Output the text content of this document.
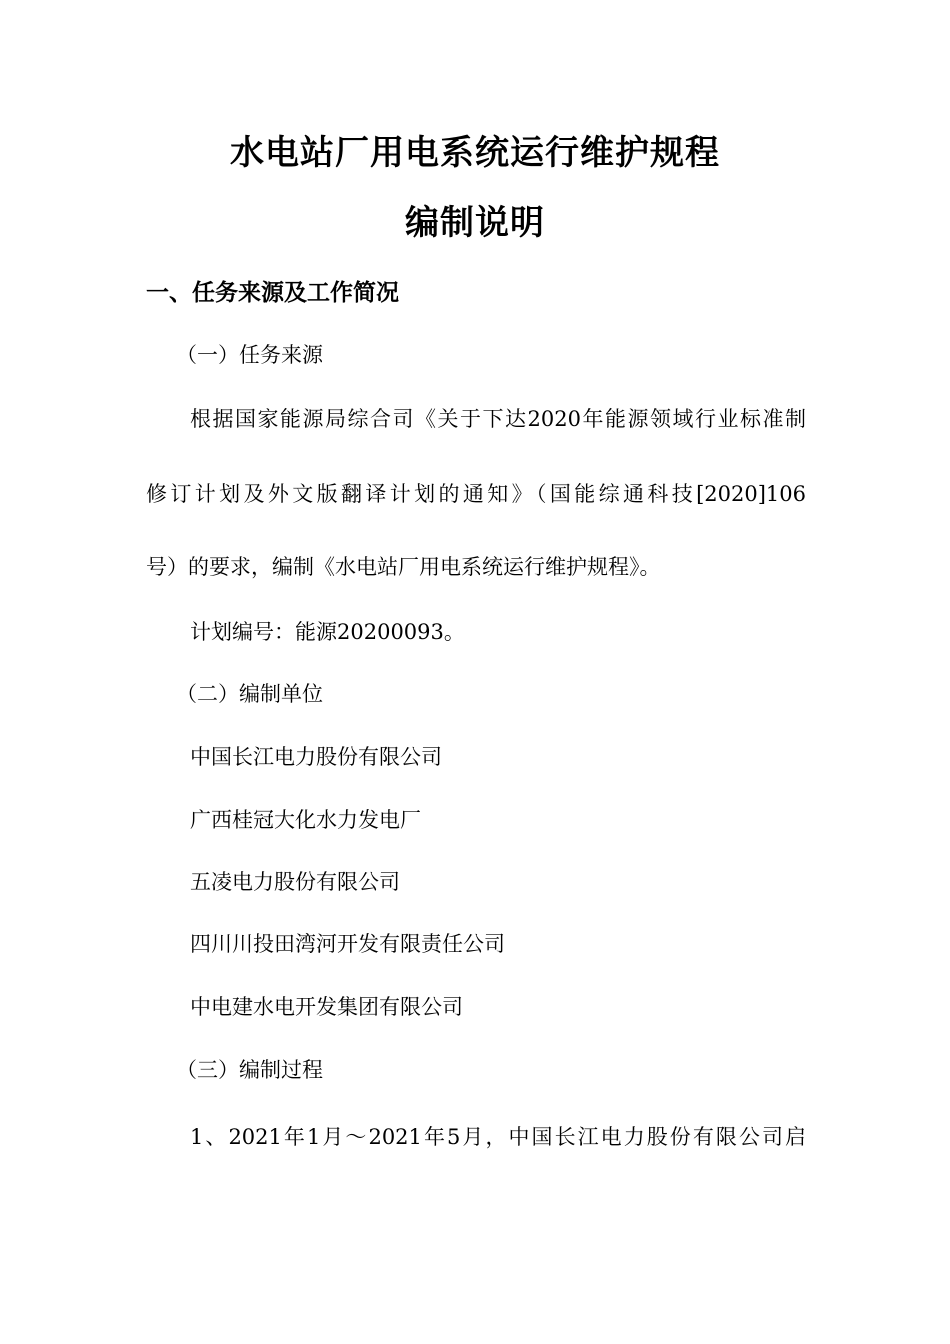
水电站厂用电系统运行维护规程
编制说明
一、任务来源及工作简况
（一）任务来源
根据国家能源局综合司《关于下达2020年能源领域行业标准制
修订计划及外文版翻译计划的通知》（国能综通科技[2020]106
号）的要求，编制《水电站厂用电系统运行维护规程》。
计划编号：能源20200093。
（二）编制单位
中国长江电力股份有限公司
广西桂冠大化水力发电厂
五凌电力股份有限公司
四川川投田湾河开发有限责任公司
中电建水电开发集团有限公司
（三）编制过程
1、2021年1月～2021年5月，中国长江电力股份有限公司启
